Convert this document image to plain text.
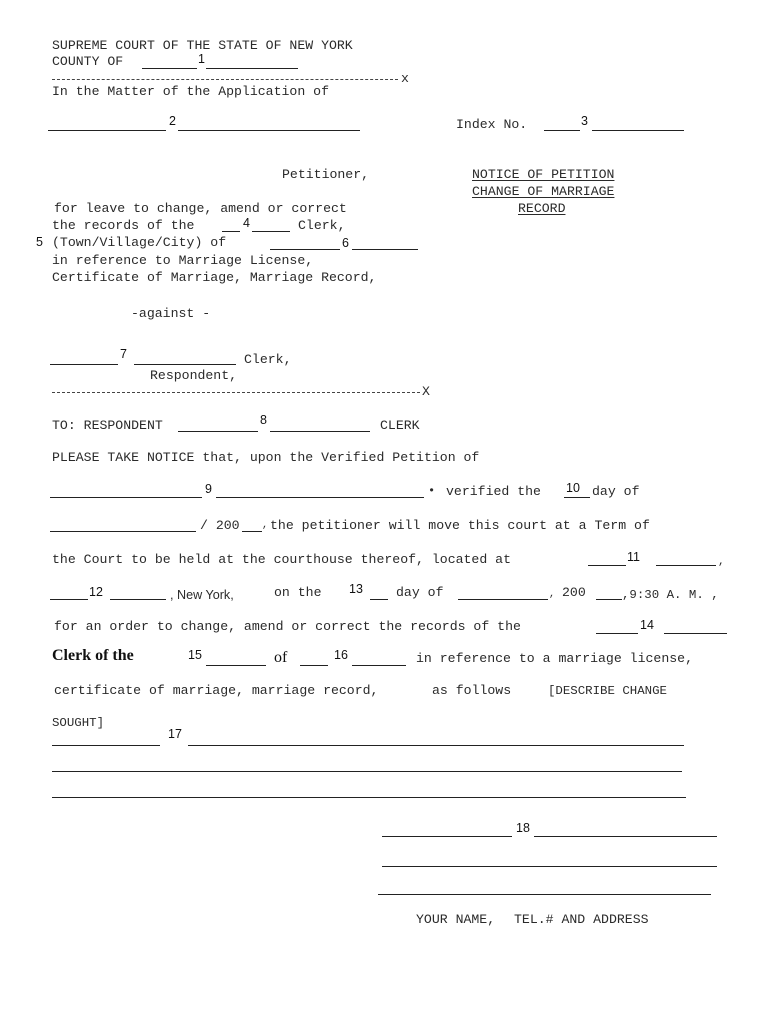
SUPREME COURT OF THE STATE OF NEW YORK
COUNTY OF	1
x
In the Matter of the Application of
2	Index No.	3
Petitioner,	NOTICE OF PETITION
CHANGE OF MARRIAGE
RECORD
for leave to change, amend or correct
the records of the	4	Clerk,
5 (Town/Village/City) of	6
in reference to Marriage License,
Certificate of Marriage, Marriage Record,
-against -
7	Clerk,
Respondent,
X
TO: RESPONDENT	8	CLERK
PLEASE TAKE NOTICE that, upon the Verified Petition of
9	• verified the 10 day of
/ 200 , the petitioner will move this court at a Term of
the Court to be held at the courthouse thereof, located at	11	,
12	, New York,	on the 13	day of	, 200	,9:30 A. M. ,
for an order to change, amend or correct the records of the	14
Clerk of the	15	of	16	in reference to a marriage license,
certificate of marriage, marriage record,	as follows	[DESCRIBE CHANGE
SOUGHT]
17
18
YOUR NAME, TEL.# AND ADDRESS
